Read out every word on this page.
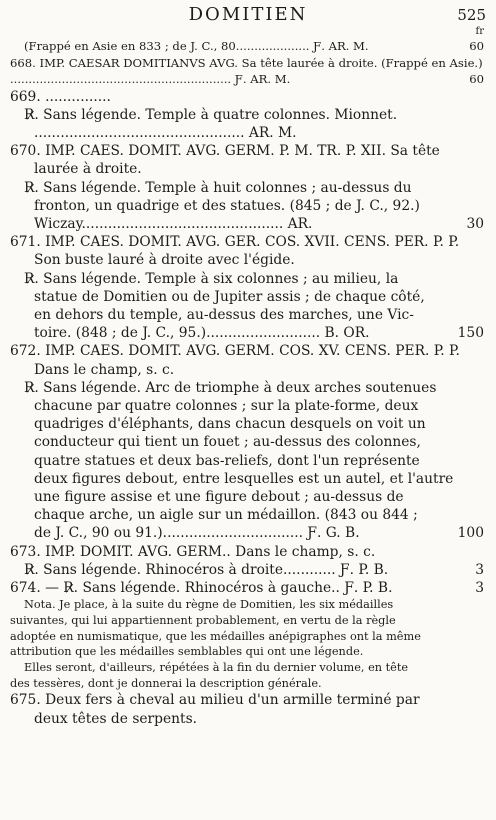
DOMITIEN	525
fr
(Frappé en Asie en 833 ; de J. C., 80.................... Ƒ. AR. M.	60
668. IMP. CAESAR DOMITIANVS AVG. Sa tête laurée à droite. (Frappé en Asie.)
............................................................ Ƒ. AR. M.	60
669. ...............
R̷. Sans légende. Temple à quatre colonnes. Mionnet.
................................................ AR. M.
670. IMP. CAES. DOMIT. AVG. GERM. P. M. TR. P. XII. Sa tête
laurée à droite.
R̷. Sans légende. Temple à huit colonnes ; au-dessus du
fronton, un quadrige et des statues. (845 ; de J. C., 92.)
Wiczay.............................................. AR.	30
671. IMP. CAES. DOMIT. AVG. GER. COS. XVII. CENS. PER. P. P.
Son buste lauré à droite avec l'égide.
R̷. Sans légende. Temple à six colonnes ; au milieu, la
statue de Domitien ou de Jupiter assis ; de chaque côté,
en dehors du temple, au-dessus des marches, une Vic-
toire. (848 ; de J. C., 95.).......................... B. OR.	150
672. IMP. CAES. DOMIT. AVG. GERM. COS. XV. CENS. PER. P. P.
Dans le champ, s. c.
R̷. Sans légende. Arc de triomphe à deux arches soutenues
chacune par quatre colonnes ; sur la plate-forme, deux
quadriges d'éléphants, dans chacun desquels on voit un
conducteur qui tient un fouet ; au-dessus des colonnes,
quatre statues et deux bas-reliefs, dont l'un représente
deux figures debout, entre lesquelles est un autel, et l'autre
une figure assise et une figure debout ; au-dessus de
chaque arche, un aigle sur un médaillon. (843 ou 844 ;
de J. C., 90 ou 91.)................................ Ƒ. G. B.	100
673. IMP. DOMIT. AVG. GERM.. Dans le champ, s. c.
R̷. Sans légende. Rhinocéros à droite............ Ƒ. P. B.	3
674. — R̷. Sans légende. Rhinocéros à gauche.. Ƒ. P. B.	3
Nota. Je place, à la suite du règne de Domitien, les six médailles
suivantes, qui lui appartiennent probablement, en vertu de la règle
adoptée en numismatique, que les médailles anépigraphes ont la même
attribution que les médailles semblables qui ont une légende.
Elles seront, d'ailleurs, répétées à la fin du dernier volume, en tête
des tessères, dont je donnerai la description générale.
675. Deux fers à cheval au milieu d'un armille terminé par
deux têtes de serpents.
